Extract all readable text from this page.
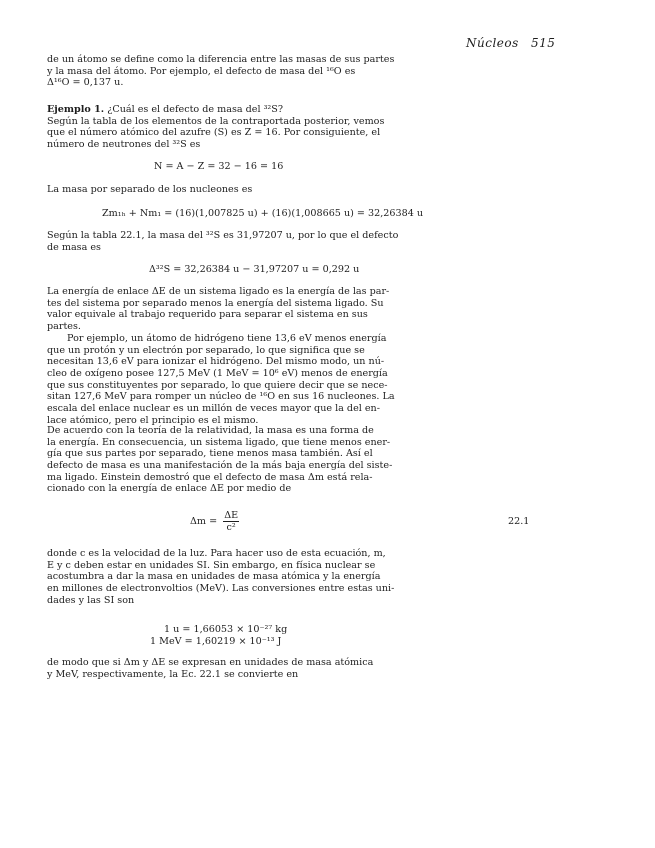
Núcleos 515
de un átomo se define como la diferencia entre las masas de sus partes
y la masa del átomo. Por ejemplo, el defecto de masa del ¹⁶O es
Δ¹⁶O = 0,137 u.
Ejemplo 1. ¿Cuál es el defecto de masa del ³²S?
Según la tabla de los elementos de la contraportada posterior, vemos
que el número atómico del azufre (S) es Z = 16. Por consiguiente, el
número de neutrones del ³²S es
N = A − Z = 32 − 16 = 16
La masa por separado de los nucleones es
Zm₁ₕ + Nm₁ = (16)(1,007825 u) + (16)(1,008665 u) = 32,26384 u
Según la tabla 22.1, la masa del ³²S es 31,97207 u, por lo que el defecto
de masa es
Δ³²S = 32,26384 u − 31,97207 u = 0,292 u
La energía de enlace ΔE de un sistema ligado es la energía de las par-
tes del sistema por separado menos la energía del sistema ligado. Su
valor equivale al trabajo requerido para separar el sistema en sus
partes.
Por ejemplo, un átomo de hidrógeno tiene 13,6 eV menos energía
que un protón y un electrón por separado, lo que significa que se
necesitan 13,6 eV para ionizar el hidrógeno. Del mismo modo, un nú-
cleo de oxígeno posee 127,5 MeV (1 MeV = 10⁶ eV) menos de energía
que sus constituyentes por separado, lo que quiere decir que se nece-
sitan 127,6 MeV para romper un núcleo de ¹⁶O en sus 16 nucleones. La
escala del enlace nuclear es un millón de veces mayor que la del en-
lace atómico, pero el principio es el mismo.
De acuerdo con la teoría de la relatividad, la masa es una forma de
la energía. En consecuencia, un sistema ligado, que tiene menos ener-
gía que sus partes por separado, tiene menos masa también. Así el
defecto de masa es una manifestación de la más baja energía del siste-
ma ligado. Einstein demostró que el defecto de masa Δm está rela-
cionado con la energía de enlace ΔE por medio de
$\Delta m = \frac{\Delta E}{\text{c²}}$	22.1
donde c es la velocidad de la luz. Para hacer uso de esta ecuación, m,
E y c deben estar en unidades SI. Sin embargo, en física nuclear se
acostumbra a dar la masa en unidades de masa atómica y la energía
en millones de electronvoltios (MeV). Las conversiones entre estas uni-
dades y las SI son
1 u = 1,66053 × 10⁻²⁷ kg
1 MeV = 1,60219 × 10⁻¹³ J
de modo que si Δm y ΔE se expresan en unidades de masa atómica
y MeV, respectivamente, la Ec. 22.1 se convierte en
